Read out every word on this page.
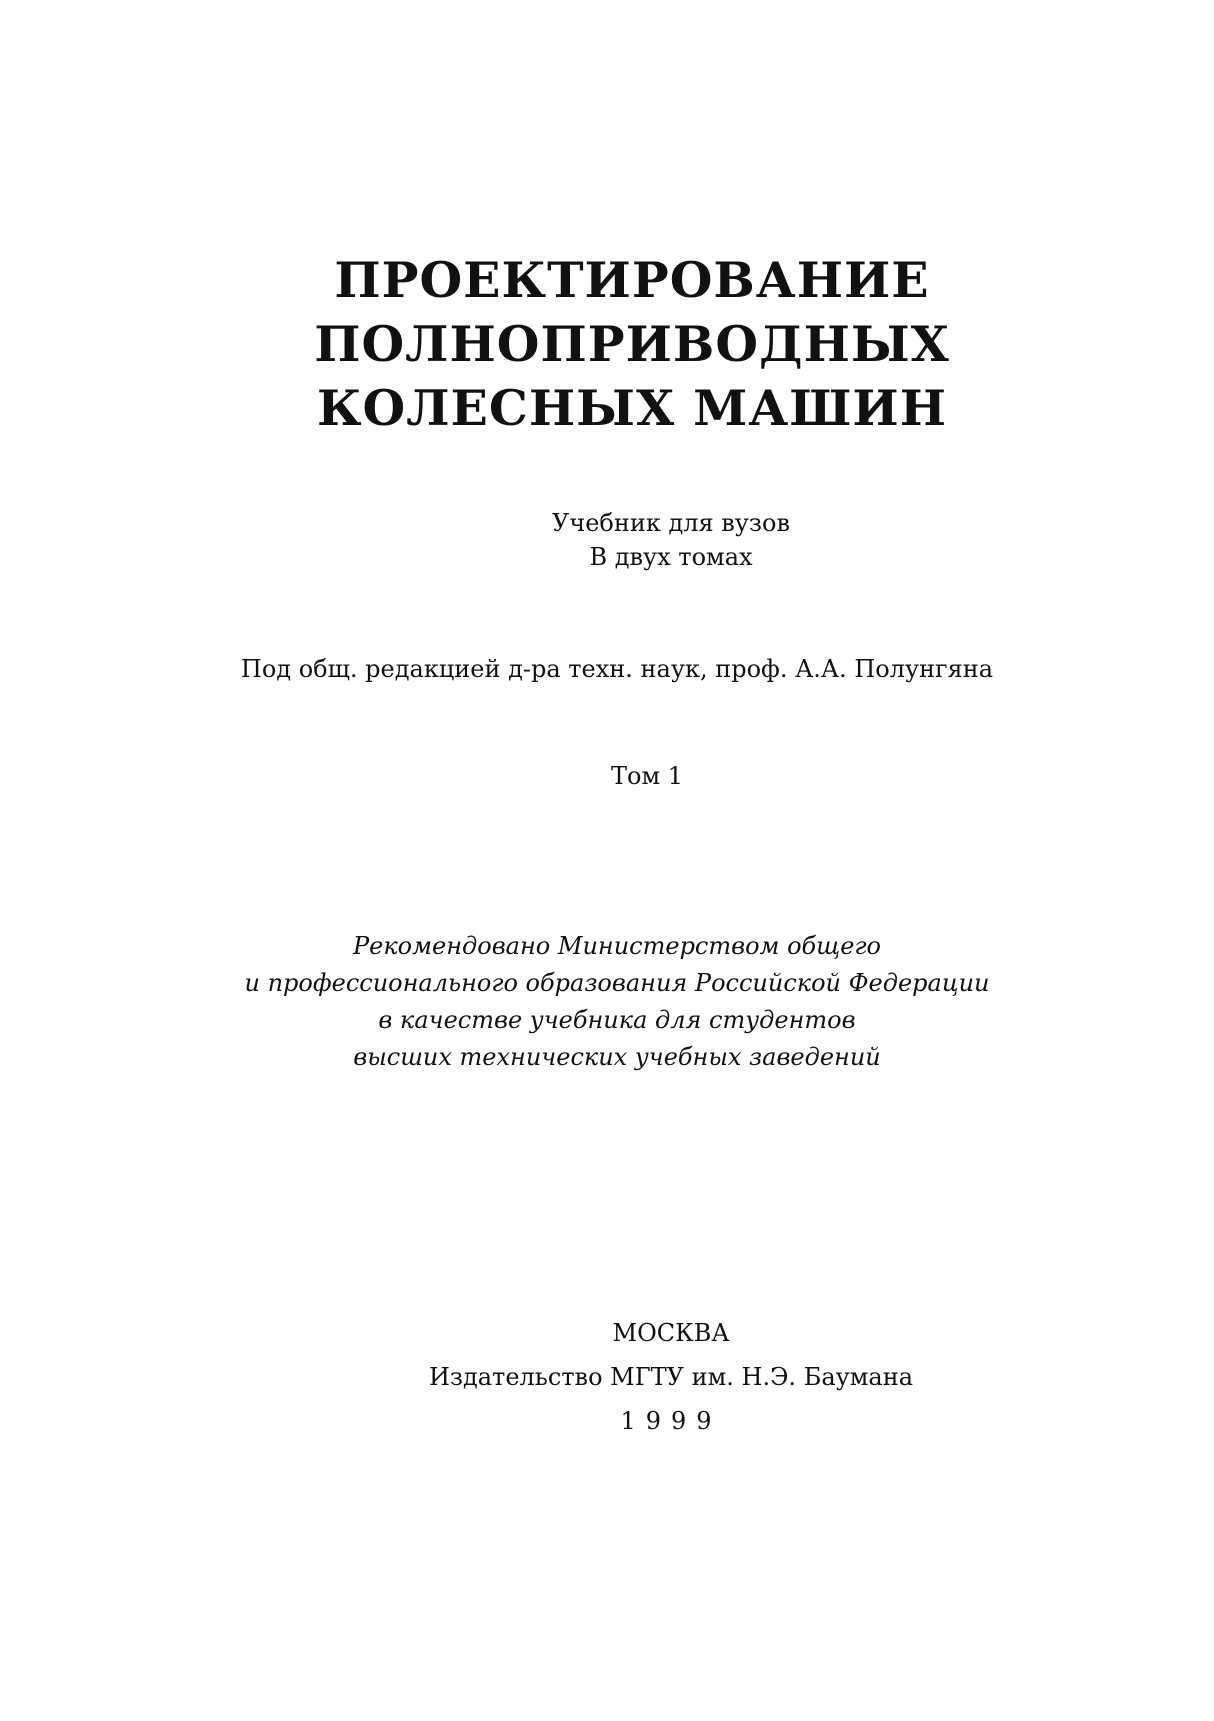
ПРОЕКТИРОВАНИЕ
ПОЛНОПРИВОДНЫХ
КОЛЕСНЫХ МАШИН
Учебник для вузов
В двух томах
Под общ. редакцией д-ра техн. наук, проф. А.А. Полунгяна
Том 1
Рекомендовано Министерством общего
и профессионального образования Российской Федерации
в качестве учебника для студентов
высших технических учебных заведений
МОСКВА
Издательство МГТУ им. Н.Э. Баумана
1999
